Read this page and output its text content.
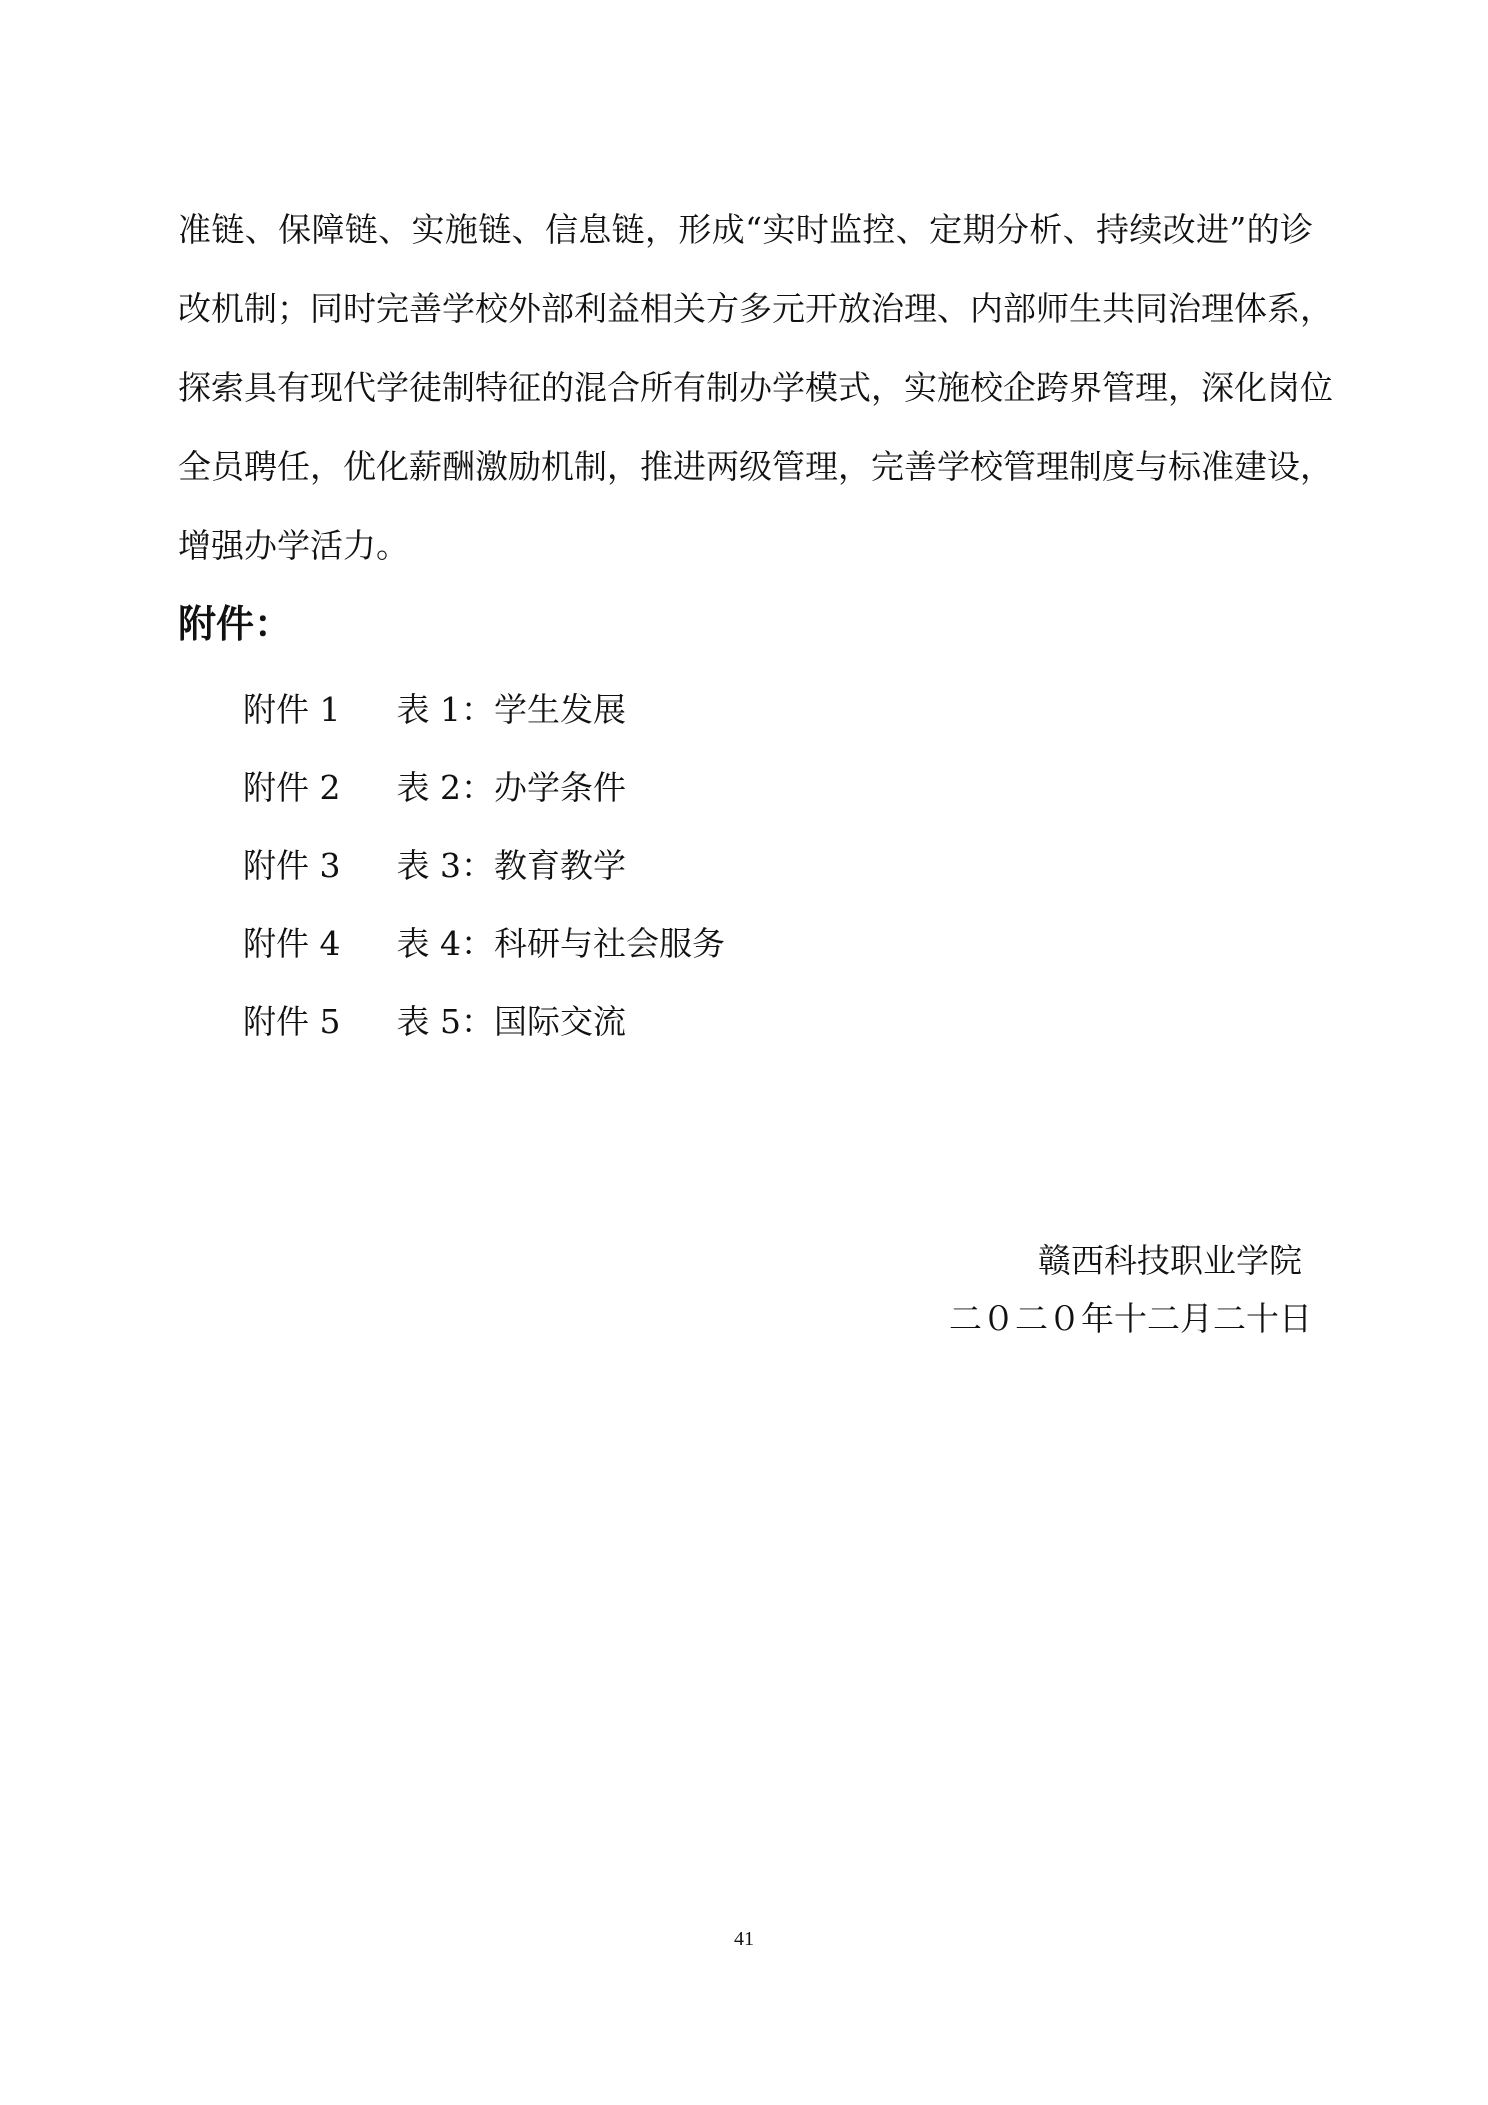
准链、保障链、实施链、信息链，形成“实时监控、定期分析、持续改进”的诊
改机制；同时完善学校外部利益相关方多元开放治理、内部师生共同治理体系，
探索具有现代学徒制特征的混合所有制办学模式，实施校企跨界管理，深化岗位
全员聘任，优化薪酬激励机制，推进两级管理，完善学校管理制度与标准建设，
增强办学活力。
附件：
附件 1 表 1：学生发展
附件 2 表 2：办学条件
附件 3 表 3：教育教学
附件 4 表 4：科研与社会服务
附件 5 表 5：国际交流
赣西科技职业学院
二０二０年十二月二十日
41
